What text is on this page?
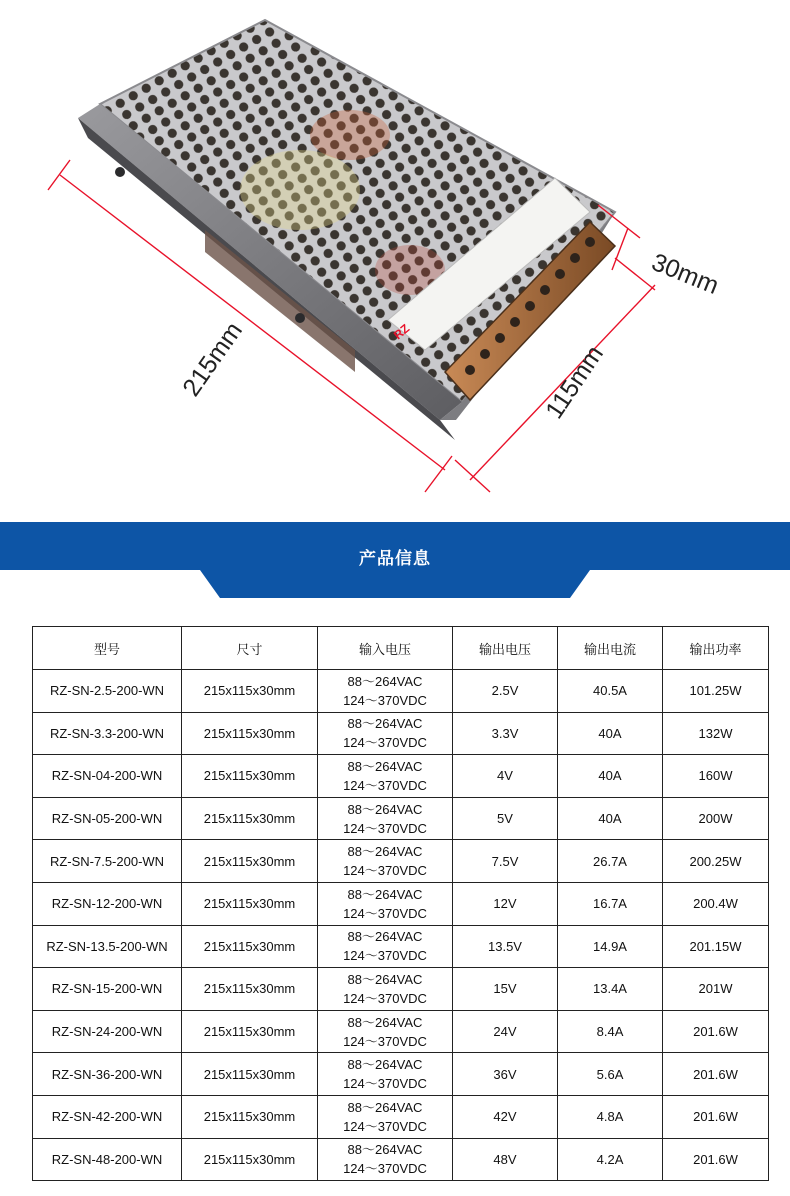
RZ
215mm	115mm
30mm
产品信息
型号	尺寸	输入电压	输出电压	输出电流	输出功率
RZ-SN-2.5-200-WN	215x115x30mm	88～264VAC
124～370VDC	2.5V	40.5A	101.25W
RZ-SN-3.3-200-WN	215x115x30mm	88～264VAC
124～370VDC	3.3V	40A	132W
RZ-SN-04-200-WN	215x115x30mm	88～264VAC
124～370VDC	4V	40A	160W
RZ-SN-05-200-WN	215x115x30mm	88～264VAC
124～370VDC	5V	40A	200W
RZ-SN-7.5-200-WN	215x115x30mm	88～264VAC
124～370VDC	7.5V	26.7A	200.25W
RZ-SN-12-200-WN	215x115x30mm	88～264VAC
124～370VDC	12V	16.7A	200.4W
RZ-SN-13.5-200-WN	215x115x30mm	88～264VAC
124～370VDC	13.5V	14.9A	201.15W
RZ-SN-15-200-WN	215x115x30mm	88～264VAC
124～370VDC	15V	13.4A	201W
RZ-SN-24-200-WN	215x115x30mm	88～264VAC
124～370VDC	24V	8.4A	201.6W
RZ-SN-36-200-WN	215x115x30mm	88～264VAC
124～370VDC	36V	5.6A	201.6W
RZ-SN-42-200-WN	215x115x30mm	88～264VAC
124～370VDC	42V	4.8A	201.6W
RZ-SN-48-200-WN	215x115x30mm	88～264VAC
124～370VDC	48V	4.2A	201.6W
